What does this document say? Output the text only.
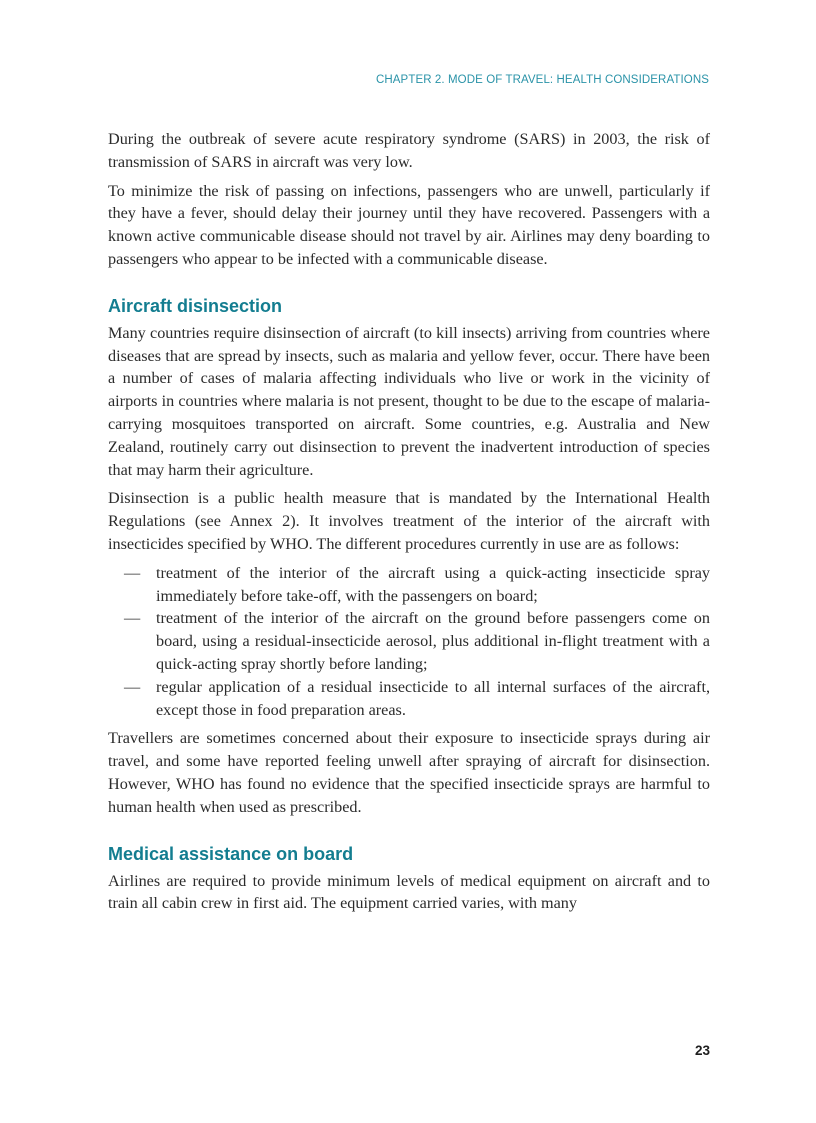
CHAPTER 2. MODE OF TRAVEL: HEALTH CONSIDERATIONS

During the outbreak of severe acute respiratory syndrome (SARS) in 2003, the risk of transmission of SARS in aircraft was very low.

To minimize the risk of passing on infections, passengers who are unwell, particularly if they have a fever, should delay their journey until they have recovered. Passengers with a known active communicable disease should not travel by air. Airlines may deny boarding to passengers who appear to be infected with a communicable disease.

Aircraft disinsection

Many countries require disinsection of aircraft (to kill insects) arriving from countries where diseases that are spread by insects, such as malaria and yellow fever, occur. There have been a number of cases of malaria affecting individuals who live or work in the vicinity of airports in countries where malaria is not present, thought to be due to the escape of malaria-carrying mosquitoes transported on aircraft. Some countries, e.g. Australia and New Zealand, routinely carry out disinsection to prevent the inadvertent introduction of species that may harm their agriculture.

Disinsection is a public health measure that is mandated by the International Health Regulations (see Annex 2). It involves treatment of the interior of the aircraft with insecticides specified by WHO. The different procedures currently in use are as follows:

— treatment of the interior of the aircraft using a quick-acting insecticide spray immediately before take-off, with the passengers on board;
— treatment of the interior of the aircraft on the ground before passengers come on board, using a residual-insecticide aerosol, plus additional in-flight treatment with a quick-acting spray shortly before landing;
— regular application of a residual insecticide to all internal surfaces of the aircraft, except those in food preparation areas.

Travellers are sometimes concerned about their exposure to insecticide sprays during air travel, and some have reported feeling unwell after spraying of aircraft for disinsection. However, WHO has found no evidence that the specified insecticide sprays are harmful to human health when used as prescribed.

Medical assistance on board

Airlines are required to provide minimum levels of medical equipment on aircraft and to train all cabin crew in first aid. The equipment carried varies, with many

23
